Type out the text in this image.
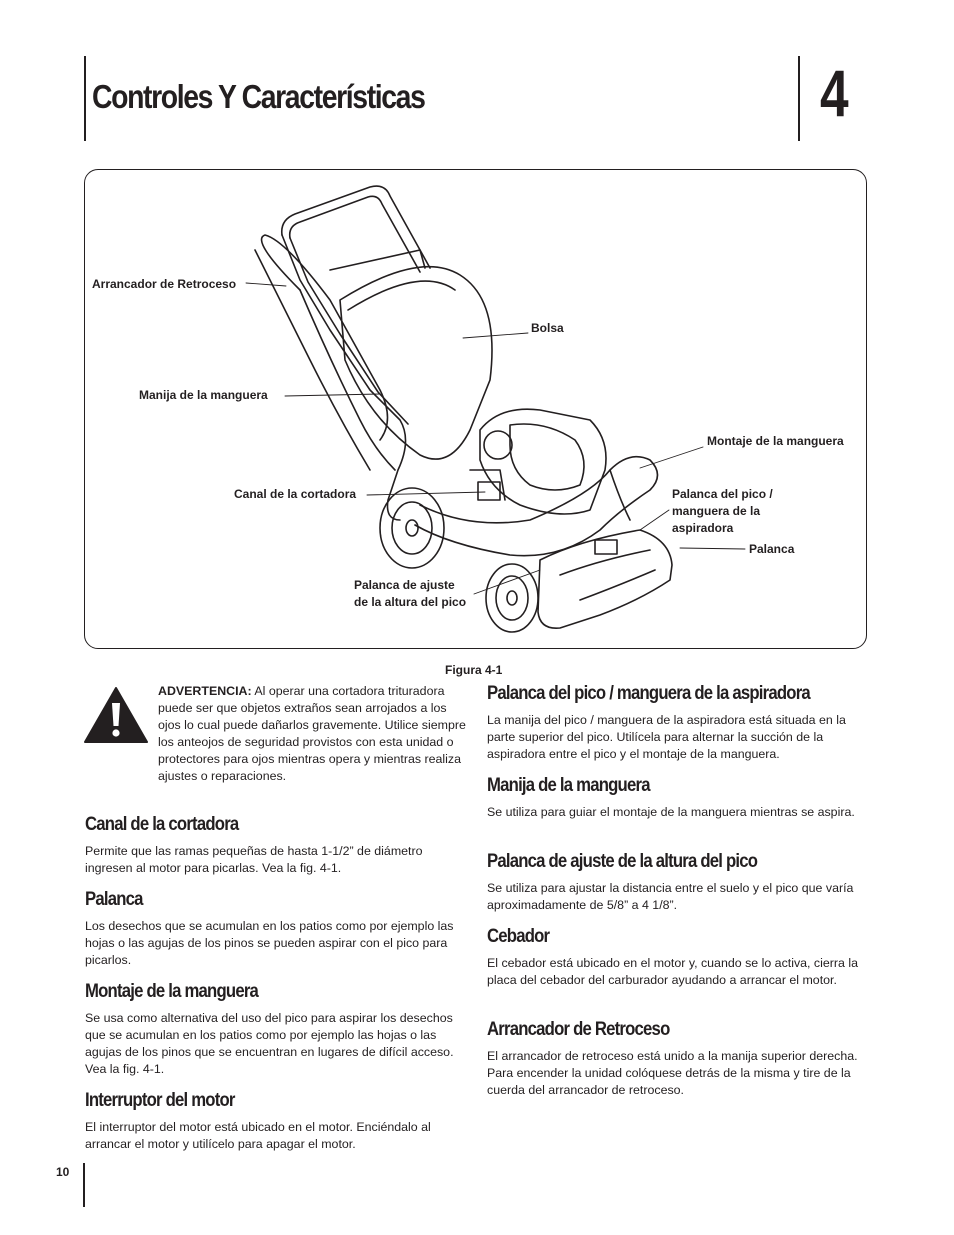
Controles Y Características	4
Arrancador de Retroceso
Bolsa
Manija de la manguera
Montaje de la manguera
Canal de la cortadora	Palanca del pico /
manguera de la
aspiradora
Palanca
Palanca de ajuste
de la altura del pico
Figura 4-1
ADVERTENCIA: Al operar una cortadora trituradora puede ser que objetos extraños sean arrojados a los ojos lo cual puede dañarlos gravemente. Utilice siempre los anteojos de seguridad provistos con esta unidad o protectores para ojos mientras opera y mientras realiza ajustes o reparaciones.
Canal de la cortadora

Permite que las ramas pequeñas de hasta 1-1/2” de diámetro ingresen al motor para picarlas. Vea la fig. 4-1.

Palanca

Los desechos que se acumulan en los patios como por ejemplo las hojas o las agujas de los pinos se pueden aspirar con el pico para picarlos.

Montaje de la manguera

Se usa como alternativa del uso del pico para aspirar los desechos que se acumulan en los patios como por ejemplo las hojas o las agujas de los pinos que se encuentran en lugares de difícil acceso. Vea la fig. 4-1.

Interruptor del motor

El interruptor del motor está ubicado en el motor. Enciéndalo al arrancar el motor y utilícelo para apagar el motor.

Palanca del pico / manguera de la aspiradora

La manija del pico / manguera de la aspiradora está situada en la parte superior del pico. Utilícela para alternar la succión de la aspiradora entre el pico y el montaje de la manguera.

Manija de la manguera

Se utiliza para guiar el montaje de la manguera mientras se aspira.

Palanca de ajuste de la altura del pico

Se utiliza para ajustar la distancia entre el suelo y el pico que varía aproximadamente de 5/8” a 4 1/8”.

Cebador

El cebador está ubicado en el motor y, cuando se lo activa, cierra la placa del cebador del carburador ayudando a arrancar el motor.

Arrancador de Retroceso

El arrancador de retroceso está unido a la manija superior derecha. Para encender la unidad colóquese detrás de la misma y tire de la cuerda del arrancador de retroceso.

10
